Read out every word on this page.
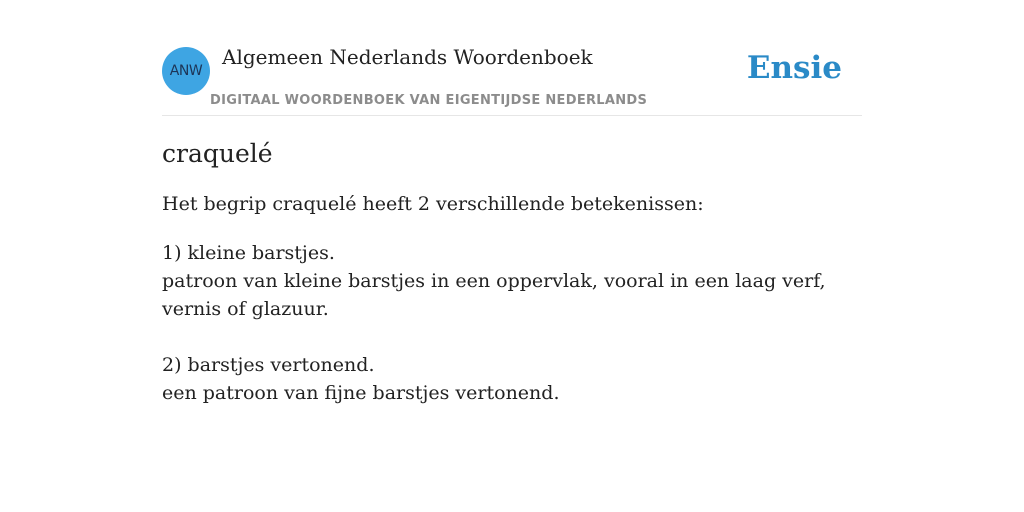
ANW
Algemeen Nederlands Woordenboek
DIGITAAL WOORDENBOEK VAN EIGENTIJDSE NEDERLANDS
Ensie
craquelé
Het begrip craquelé heeft 2 verschillende betekenissen:
1) kleine barstjes.
patroon van kleine barstjes in een oppervlak, vooral in een laag verf, vernis of glazuur.
2) barstjes vertonend.
een patroon van fijne barstjes vertonend.
